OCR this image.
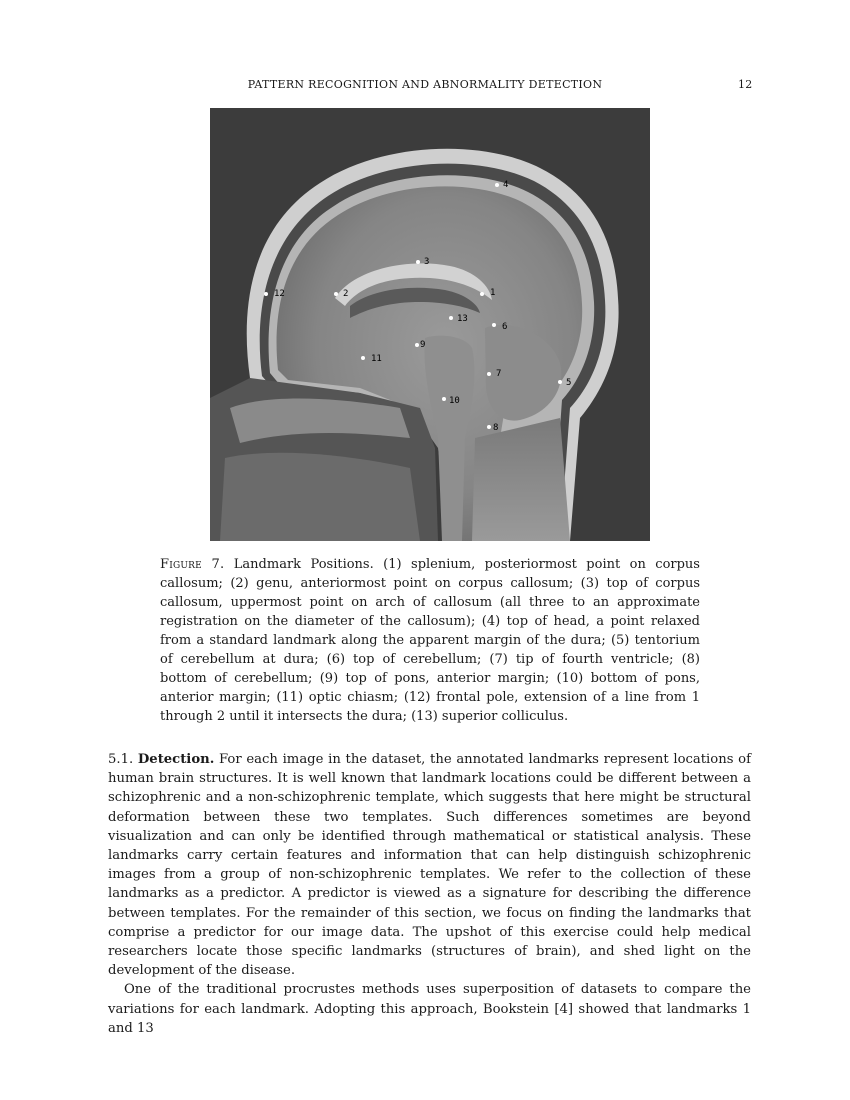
PATTERN RECOGNITION AND ABNORMALITY DETECTION	12
1
2
3
4
5
6
7
8
9
10
11
12
13
Figure 7. Landmark Positions. (1) splenium, posteriormost point on corpus callosum; (2) genu, anteriormost point on corpus callosum; (3) top of corpus callosum, uppermost point on arch of callosum (all three to an approximate registration on the diameter of the callosum); (4) top of head, a point relaxed from a standard landmark along the apparent margin of the dura; (5) tentorium of cerebellum at dura; (6) top of cerebellum; (7) tip of fourth ventricle; (8) bottom of cerebellum; (9) top of pons, anterior margin; (10) bottom of pons, anterior margin; (11) optic chiasm; (12) frontal pole, extension of a line from 1 through 2 until it intersects the dura; (13) superior colliculus.

5.1. Detection. For each image in the dataset, the annotated landmarks represent locations of human brain structures. It is well known that landmark locations could be different between a schizophrenic and a non-schizophrenic template, which suggests that here might be structural deformation between these two templates. Such differences sometimes are beyond visualization and can only be identified through mathematical or statistical analysis. These landmarks carry certain features and information that can help distinguish schizophrenic images from a group of non-schizophrenic templates. We refer to the collection of these landmarks as a predictor. A predictor is viewed as a signature for describing the difference between templates. For the remainder of this section, we focus on finding the landmarks that comprise a predictor for our image data. The upshot of this exercise could help medical researchers locate those specific landmarks (structures of brain), and shed light on the development of the disease.

One of the traditional procrustes methods uses superposition of datasets to compare the variations for each landmark. Adopting this approach, Bookstein [4] showed that landmarks 1 and 13
